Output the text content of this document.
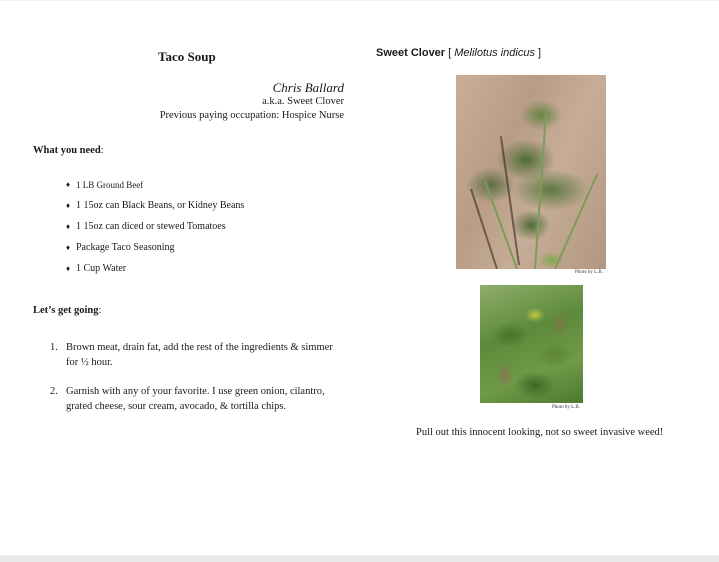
Taco Soup
Chris Ballard
a.k.a. Sweet Clover
Previous paying occupation: Hospice Nurse
What you need:
♦ 1 LB Ground Beef
♦ 1 15oz can Black Beans, or Kidney Beans
♦ 1 15oz can diced or stewed Tomatoes
♦ Package Taco Seasoning
♦ 1 Cup Water
Let’s get going:
1. Brown meat, drain fat, add the rest of the ingredients & simmer for ½ hour.
2. Garnish with any of your favorite. I use green onion, cilantro, grated cheese, sour cream, avocado, & tortilla chips.
Sweet Clover [ Melilotus indicus ]
Photo by L.B.
Photo by L.B.
Pull out this innocent looking, not so sweet invasive weed!
